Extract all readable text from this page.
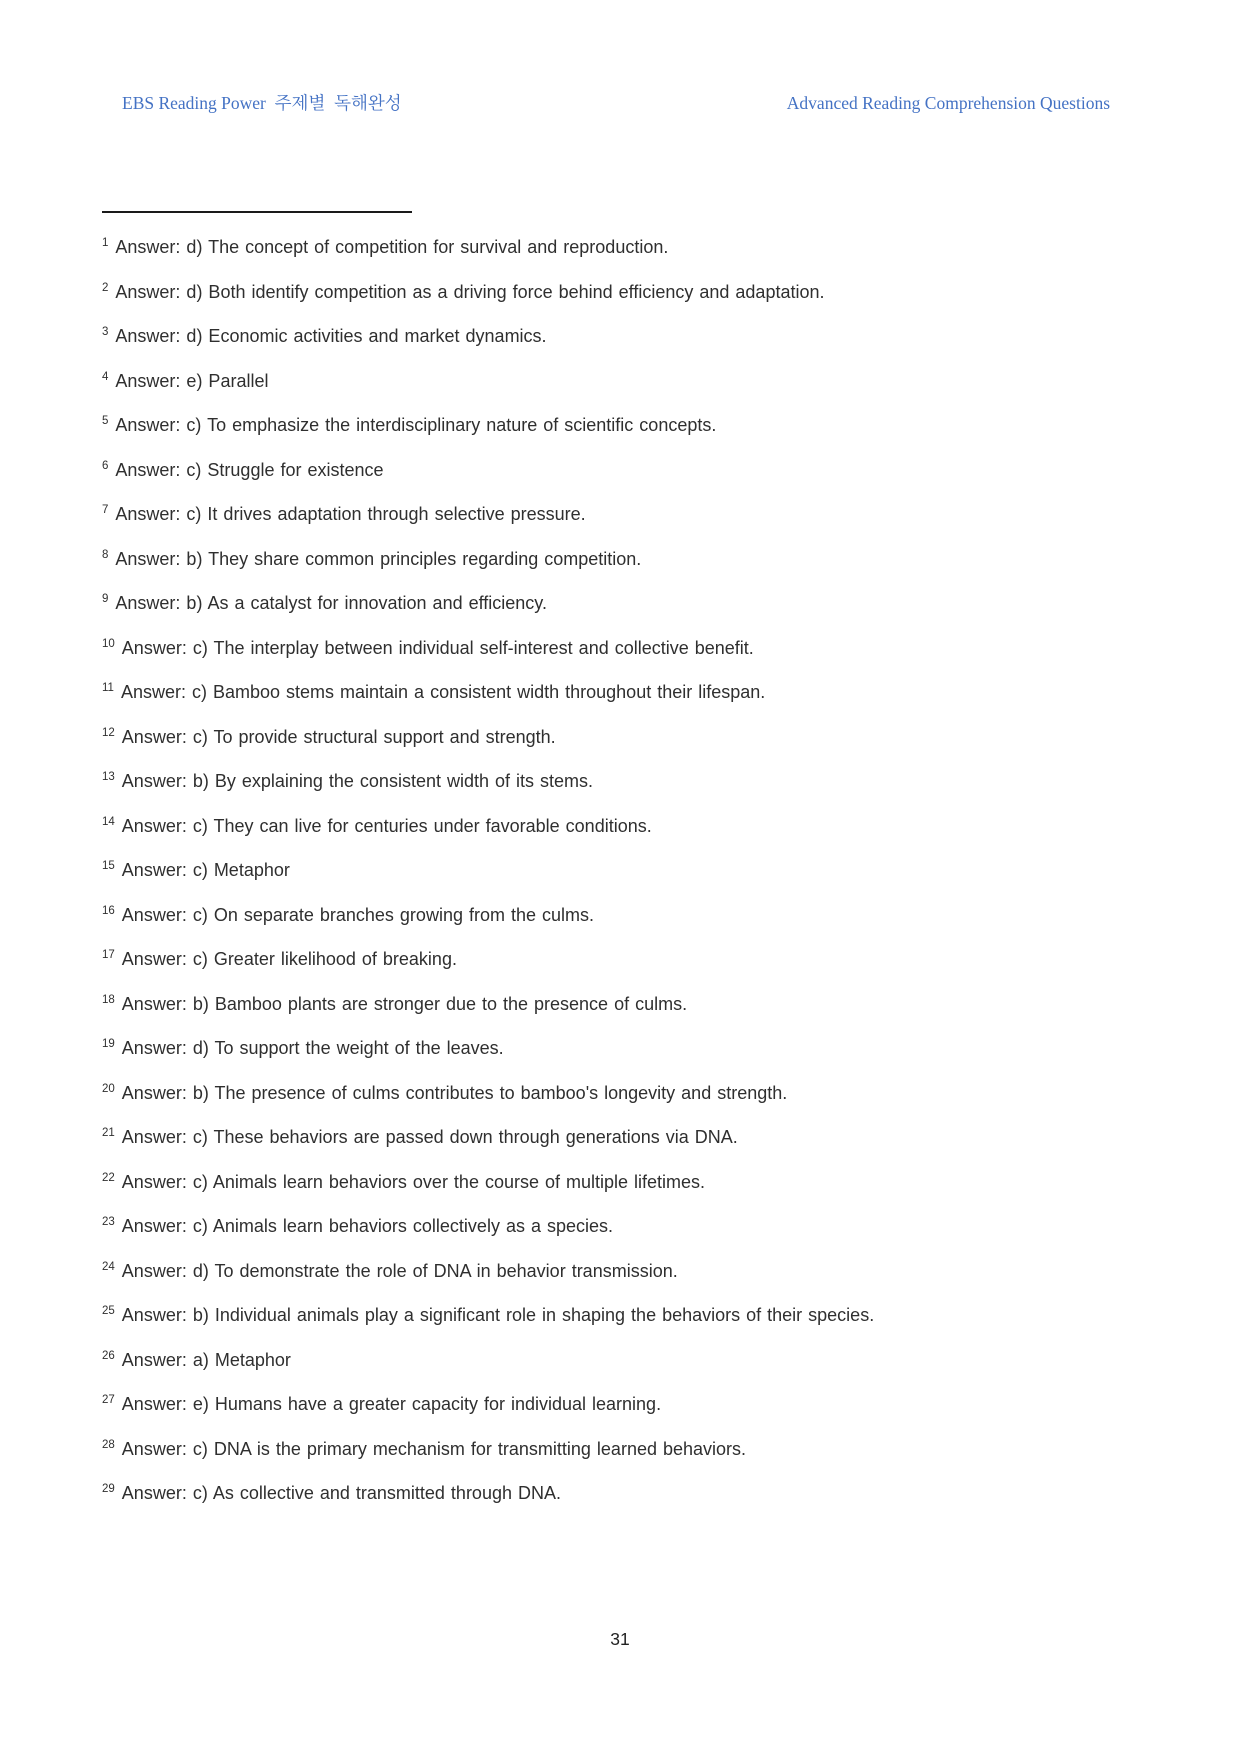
EBS Reading Power  주제별  독해완성	Advanced Reading Comprehension Questions
1 Answer: d) The concept of competition for survival and reproduction.
2 Answer: d) Both identify competition as a driving force behind efficiency and adaptation.
3 Answer: d) Economic activities and market dynamics.
4 Answer: e) Parallel
5 Answer: c) To emphasize the interdisciplinary nature of scientific concepts.
6 Answer: c) Struggle for existence
7 Answer: c) It drives adaptation through selective pressure.
8 Answer: b) They share common principles regarding competition.
9 Answer: b) As a catalyst for innovation and efficiency.
10 Answer: c) The interplay between individual self-interest and collective benefit.
11 Answer: c) Bamboo stems maintain a consistent width throughout their lifespan.
12 Answer: c) To provide structural support and strength.
13 Answer: b) By explaining the consistent width of its stems.
14 Answer: c) They can live for centuries under favorable conditions.
15 Answer: c) Metaphor
16 Answer: c) On separate branches growing from the culms.
17 Answer: c) Greater likelihood of breaking.
18 Answer: b) Bamboo plants are stronger due to the presence of culms.
19 Answer: d) To support the weight of the leaves.
20 Answer: b) The presence of culms contributes to bamboo's longevity and strength.
21 Answer: c) These behaviors are passed down through generations via DNA.
22 Answer: c) Animals learn behaviors over the course of multiple lifetimes.
23 Answer: c) Animals learn behaviors collectively as a species.
24 Answer: d) To demonstrate the role of DNA in behavior transmission.
25 Answer: b) Individual animals play a significant role in shaping the behaviors of their species.
26 Answer: a) Metaphor
27 Answer: e) Humans have a greater capacity for individual learning.
28 Answer: c) DNA is the primary mechanism for transmitting learned behaviors.
29 Answer: c) As collective and transmitted through DNA.
31
